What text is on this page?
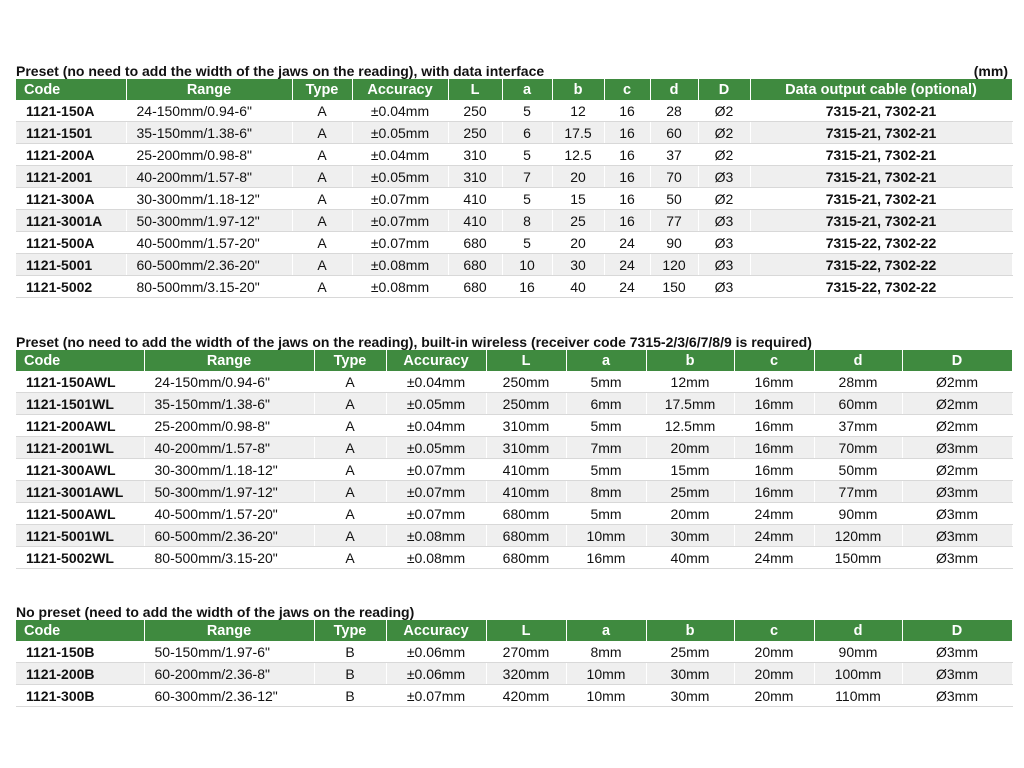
Preset (no need to add the width of the jaws on the reading), with data interface	(mm)
Code	Range	Type	Accuracy	L	a	b	c	d	D	Data output cable (optional)
1121-150A	24-150mm/0.94-6"	A	±0.04mm	250	5	12	16	28	Ø2	7315-21, 7302-21
1121-1501	35-150mm/1.38-6"	A	±0.05mm	250	6	17.5	16	60	Ø2	7315-21, 7302-21
1121-200A	25-200mm/0.98-8"	A	±0.04mm	310	5	12.5	16	37	Ø2	7315-21, 7302-21
1121-2001	40-200mm/1.57-8"	A	±0.05mm	310	7	20	16	70	Ø3	7315-21, 7302-21
1121-300A	30-300mm/1.18-12"	A	±0.07mm	410	5	15	16	50	Ø2	7315-21, 7302-21
1121-3001A	50-300mm/1.97-12"	A	±0.07mm	410	8	25	16	77	Ø3	7315-21, 7302-21
1121-500A	40-500mm/1.57-20"	A	±0.07mm	680	5	20	24	90	Ø3	7315-22, 7302-22
1121-5001	60-500mm/2.36-20"	A	±0.08mm	680	10	30	24	120	Ø3	7315-22, 7302-22
1121-5002	80-500mm/3.15-20"	A	±0.08mm	680	16	40	24	150	Ø3	7315-22, 7302-22
Preset (no need to add the width of the jaws on the reading), built-in wireless (receiver code 7315-2/3/6/7/8/9 is required)
Code	Range	Type	Accuracy	L	a	b	c	d	D
1121-150AWL	24-150mm/0.94-6"	A	±0.04mm	250mm	5mm	12mm	16mm	28mm	Ø2mm
1121-1501WL	35-150mm/1.38-6"	A	±0.05mm	250mm	6mm	17.5mm	16mm	60mm	Ø2mm
1121-200AWL	25-200mm/0.98-8"	A	±0.04mm	310mm	5mm	12.5mm	16mm	37mm	Ø2mm
1121-2001WL	40-200mm/1.57-8"	A	±0.05mm	310mm	7mm	20mm	16mm	70mm	Ø3mm
1121-300AWL	30-300mm/1.18-12"	A	±0.07mm	410mm	5mm	15mm	16mm	50mm	Ø2mm
1121-3001AWL	50-300mm/1.97-12"	A	±0.07mm	410mm	8mm	25mm	16mm	77mm	Ø3mm
1121-500AWL	40-500mm/1.57-20"	A	±0.07mm	680mm	5mm	20mm	24mm	90mm	Ø3mm
1121-5001WL	60-500mm/2.36-20"	A	±0.08mm	680mm	10mm	30mm	24mm	120mm	Ø3mm
1121-5002WL	80-500mm/3.15-20"	A	±0.08mm	680mm	16mm	40mm	24mm	150mm	Ø3mm
No preset (need to add the width of the jaws on the reading)
Code	Range	Type	Accuracy	L	a	b	c	d	D
1121-150B	50-150mm/1.97-6"	B	±0.06mm	270mm	8mm	25mm	20mm	90mm	Ø3mm
1121-200B	60-200mm/2.36-8"	B	±0.06mm	320mm	10mm	30mm	20mm	100mm	Ø3mm
1121-300B	60-300mm/2.36-12"	B	±0.07mm	420mm	10mm	30mm	20mm	110mm	Ø3mm
